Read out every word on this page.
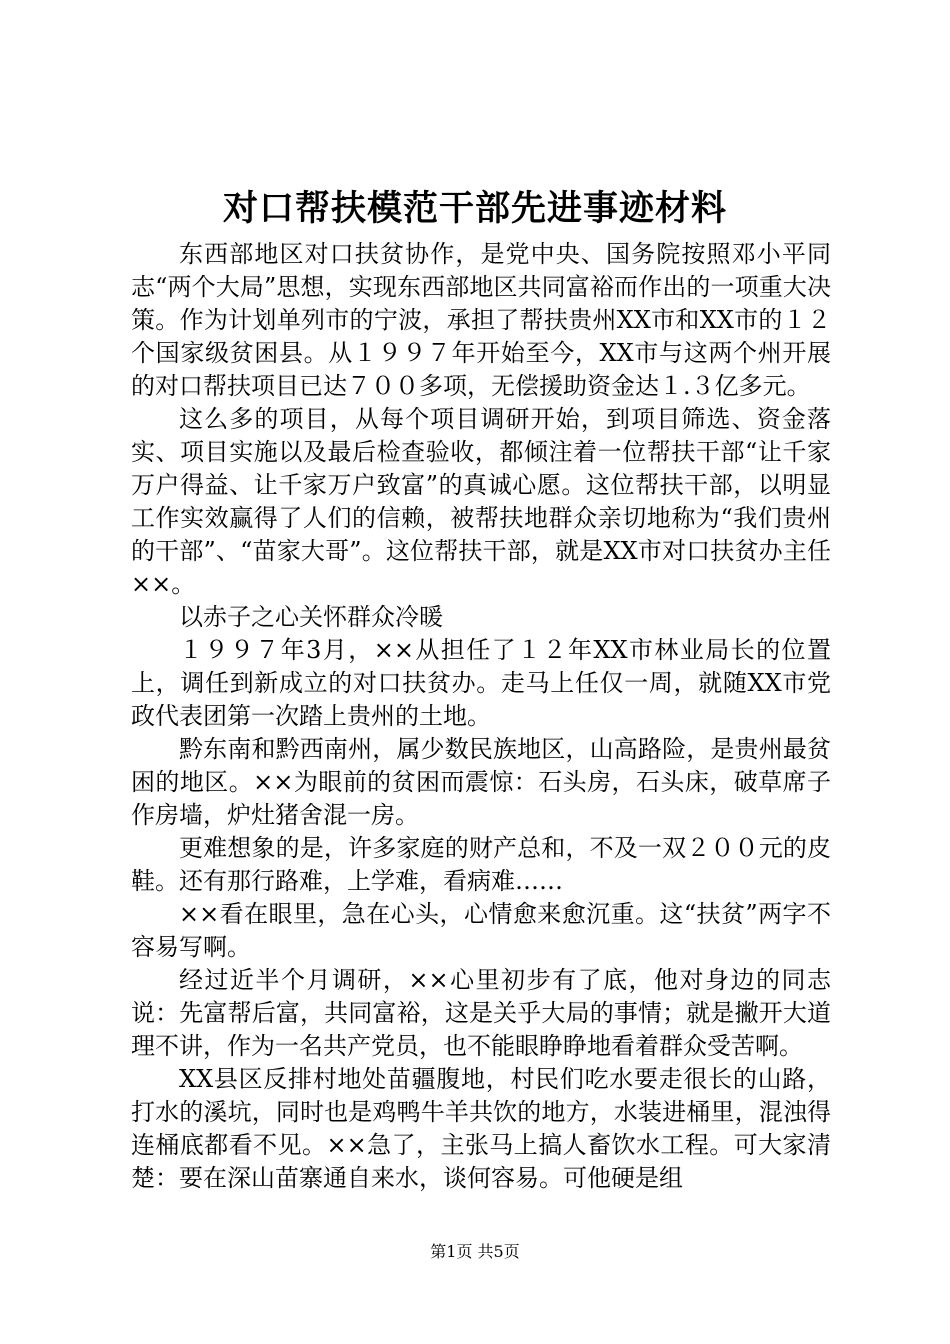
对口帮扶模范干部先进事迹材料

东西部地区对口扶贫协作，是党中央、国务院按照邓小平同志“两个大局”思想，实现东西部地区共同富裕而作出的一项重大决策。作为计划单列市的宁波，承担了帮扶贵州XX市和XX市的１２个国家级贫困县。从１９９７年开始至今，XX市与这两个州开展的对口帮扶项目已达７００多项，无偿援助资金达１.３亿多元。

这么多的项目，从每个项目调研开始，到项目筛选、资金落实、项目实施以及最后检查验收，都倾注着一位帮扶干部“让千家万户得益、让千家万户致富”的真诚心愿。这位帮扶干部，以明显工作实效赢得了人们的信赖，被帮扶地群众亲切地称为“我们贵州的干部”、“苗家大哥”。这位帮扶干部，就是XX市对口扶贫办主任××。

以赤子之心关怀群众冷暖

１９９７年3月，××从担任了１２年XX市林业局长的位置上，调任到新成立的对口扶贫办。走马上任仅一周，就随XX市党政代表团第一次踏上贵州的土地。

黔东南和黔西南州，属少数民族地区，山高路险，是贵州最贫困的地区。××为眼前的贫困而震惊：石头房，石头床，破草席子作房墙，炉灶猪舍混一房。

更难想象的是，许多家庭的财产总和，不及一双２００元的皮鞋。还有那行路难，上学难，看病难……

××看在眼里，急在心头，心情愈来愈沉重。这“扶贫”两字不容易写啊。

经过近半个月调研，××心里初步有了底，他对身边的同志说：先富帮后富，共同富裕，这是关乎大局的事情；就是撇开大道理不讲，作为一名共产党员，也不能眼睁睁地看着群众受苦啊。

XX县区反排村地处苗疆腹地，村民们吃水要走很长的山路，打水的溪坑，同时也是鸡鸭牛羊共饮的地方，水装进桶里，混浊得连桶底都看不见。××急了，主张马上搞人畜饮水工程。可大家清楚：要在深山苗寨通自来水，谈何容易。可他硬是组

第1页 共5页
